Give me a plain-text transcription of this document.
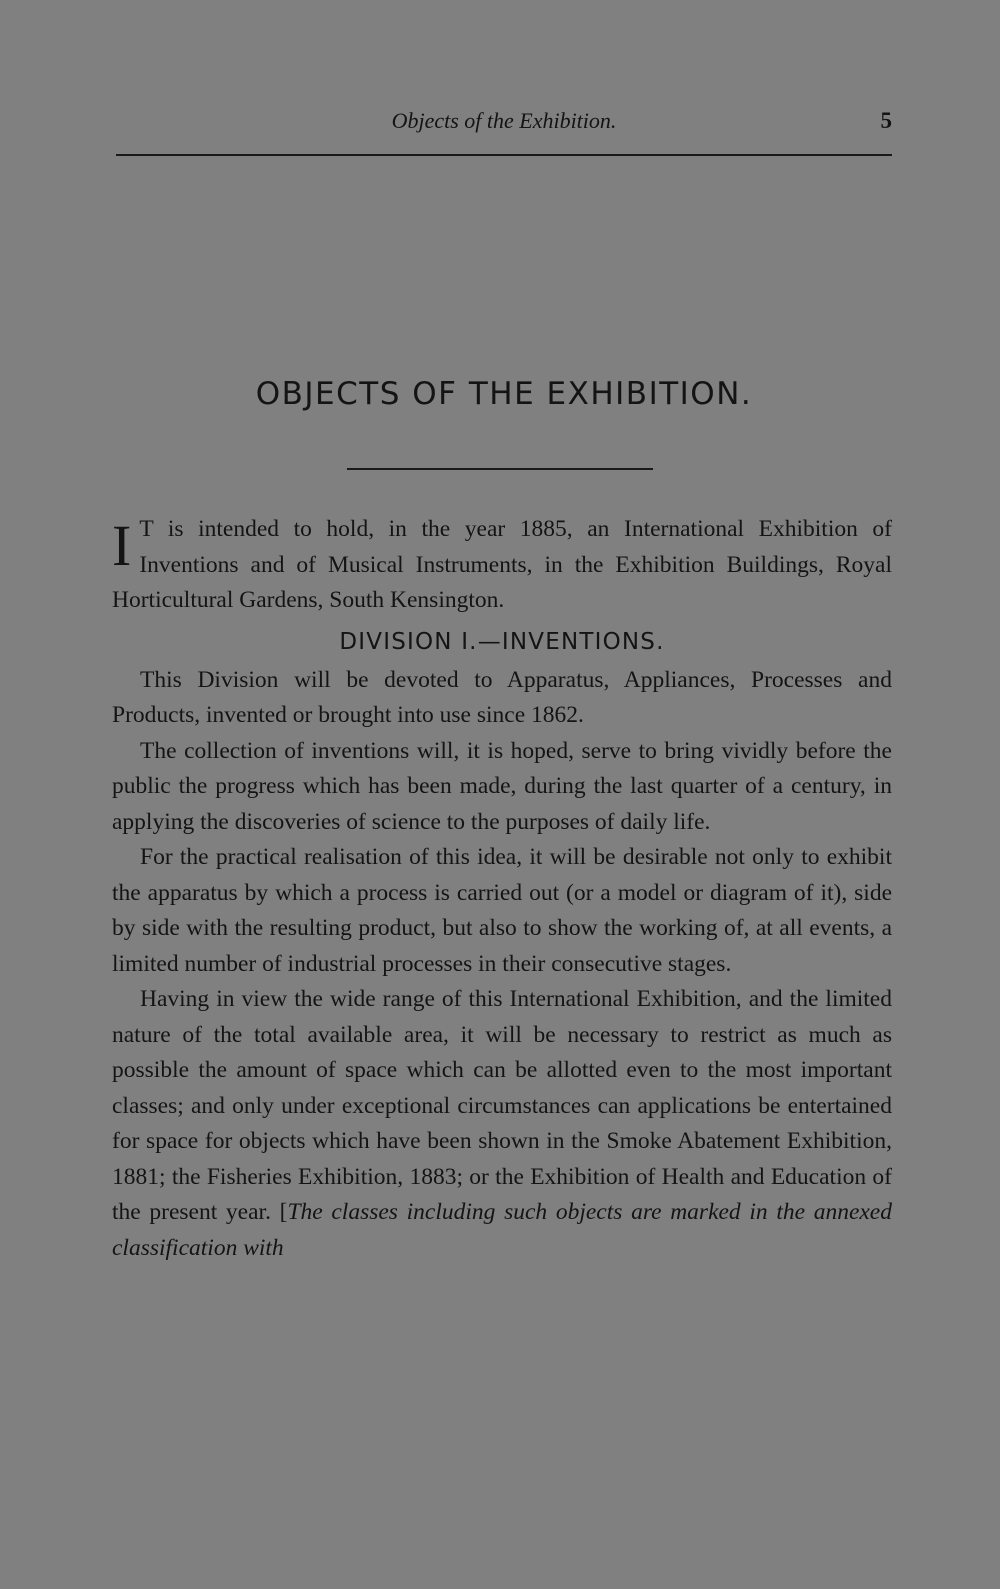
Objects of the Exhibition.	5
OBJECTS OF THE EXHIBITION.

I T is intended to hold, in the year 1885, an International Exhibition of Inventions and of Musical Instruments, in the Exhibition Buildings, Royal Horticultural Gardens, South Kensington.

DIVISION I.—INVENTIONS.

This Division will be devoted to Apparatus, Appliances, Processes and Products, invented or brought into use since 1862.

The collection of inventions will, it is hoped, serve to bring vividly before the public the progress which has been made, during the last quarter of a century, in applying the discoveries of science to the purposes of daily life.

For the practical realisation of this idea, it will be desirable not only to exhibit the apparatus by which a process is carried out (or a model or diagram of it), side by side with the resulting product, but also to show the working of, at all events, a limited number of industrial processes in their consecutive stages.

Having in view the wide range of this International Exhibition, and the limited nature of the total available area, it will be necessary to restrict as much as possible the amount of space which can be allotted even to the most important classes; and only under exceptional circumstances can applications be entertained for space for objects which have been shown in the Smoke Abatement Exhibition, 1881; the Fisheries Exhibition, 1883; or the Exhibition of Health and Education of the present year. [The classes including such objects are marked in the annexed classification with
